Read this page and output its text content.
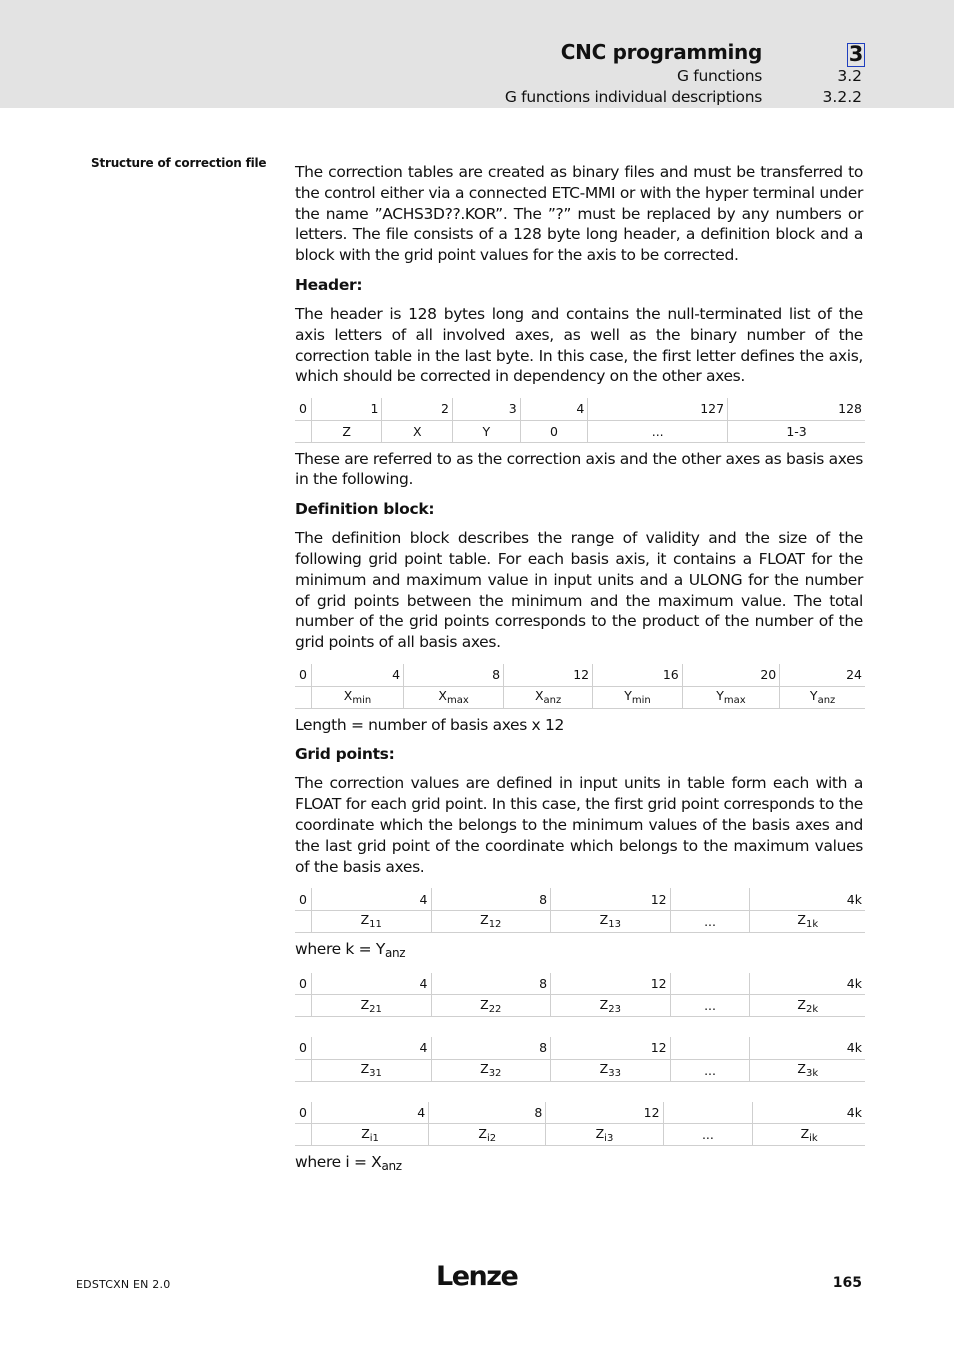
CNC programming	3
G functions	3.2
G functions individual descriptions	3.2.2
Structure of correction file The correction tables are created as binary files and must be transferred to the control either via a connected ETC-MMI or with the hyper terminal under the name ”ACHS3D??.KOR”. The ”?” must be replaced by any numbers or letters. The file consists of a 128 byte long header, a definition block and a block with the grid point values for the axis to be corrected.

Header:

The header is 128 bytes long and contains the null-terminated list of the axis letters of all involved axes, as well as the binary number of the correction table in the last byte. In this case, the first letter defines the axis, which should be corrected in dependency on the other axes.

0	1	2	3	4	127	128
	Z	X	Y	0	...	1-3

These are referred to as the correction axis and the other axes as basis axes in the following.

Definition block:

The definition block describes the range of validity and the size of the following grid point table. For each basis axis, it contains a FLOAT for the minimum and maximum value in input units and a ULONG for the number of grid points between the minimum and the maximum value. The total number of the grid points corresponds to the product of the number of the grid points of all basis axes.

0	4	8	12	16	20	24
	$X_{min}$	$X_{max}$	$X_{anz}$	$Y_{min}$	$Y_{max}$	$Y_{anz}$

Length = number of basis axes x 12

Grid points:

The correction values are defined in input units in table form each with a FLOAT for each grid point. In this case, the first grid point corresponds to the coordinate which the belongs to the minimum values of the basis axes and the last grid point of the coordinate which belongs to the maximum values of the basis axes.

0	4	8	12		4k
	$Z_{11}$	$Z_{12}$	$Z_{13}$	...	$Z_{1k}$

where $k = Y_{anz}$

0	4	8	12		4k
	$Z_{21}$	$Z_{22}$	$Z_{23}$	...	$Z_{2k}$
0	4	8	12		4k
	$Z_{31}$	$Z_{32}$	$Z_{33}$	...	$Z_{3k}$
0	4	8	12		4k
	$Z_{i1}$	$Z_{i2}$	$Z_{i3}$	...	$Z_{ik}$

where $i = X_{anz}$

EDSTCXN EN 2.0	Lenze	165
